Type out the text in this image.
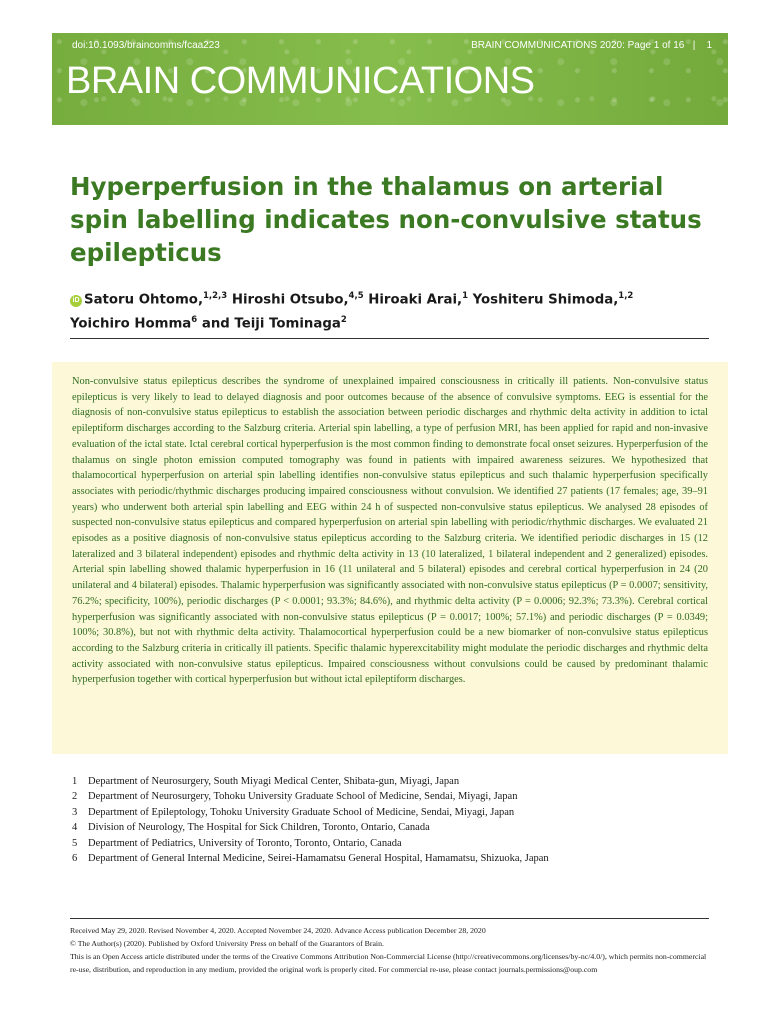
doi:10.1093/braincomms/fcaa223	BRAIN COMMUNICATIONS 2020: Page 1 of 16 | 1
BRAIN COMMUNICATIONS
Hyperperfusion in the thalamus on arterial spin labelling indicates non-convulsive status epilepticus
iD Satoru Ohtomo,$^{1,2,3}$ Hiroshi Otsubo,$^{4,5}$ Hiroaki Arai,$^1$ Yoshiteru Shimoda,$^{1,2}$
Yoichiro Homma$^6$ and Teiji Tominaga$^2$

Non-convulsive status epilepticus describes the syndrome of unexplained impaired consciousness in critically ill patients. Non-convulsive status epilepticus is very likely to lead to delayed diagnosis and poor outcomes because of the absence of convulsive symptoms. EEG is essential for the diagnosis of non-convulsive status epilepticus to establish the association between periodic discharges and rhythmic delta activity in addition to ictal epileptiform discharges according to the Salzburg criteria. Arterial spin labelling, a type of perfusion MRI, has been applied for rapid and non-invasive evaluation of the ictal state. Ictal cerebral cortical hyperperfusion is the most common finding to demonstrate focal onset seizures. Hyperperfusion of the thalamus on single photon emission computed tomography was found in patients with impaired awareness seizures. We hypothesized that thalamocortical hyperperfusion on arterial spin labelling identifies non-convulsive status epilepticus and such thalamic hyperperfusion specifically associates with periodic/rhythmic discharges producing impaired consciousness without convulsion. We identified 27 patients (17 females; age, 39–91 years) who underwent both arterial spin labelling and EEG within 24 h of suspected non-convulsive status epilepticus. We analysed 28 episodes of suspected non-convulsive status epilepticus and compared hyperperfusion on arterial spin labelling with periodic/rhythmic discharges. We evaluated 21 episodes as a positive diagnosis of non-convulsive status epilepticus according to the Salzburg criteria. We identified periodic discharges in 15 (12 lateralized and 3 bilateral independent) episodes and rhythmic delta activity in 13 (10 lateralized, 1 bilateral independent and 2 generalized) episodes. Arterial spin labelling showed thalamic hyperperfusion in 16 (11 unilateral and 5 bilateral) episodes and cerebral cortical hyperperfusion in 24 (20 unilateral and 4 bilateral) episodes. Thalamic hyperperfusion was significantly associated with non-convulsive status epilepticus (P = 0.0007; sensitivity, 76.2%; specificity, 100%), periodic discharges (P < 0.0001; 93.3%; 84.6%), and rhythmic delta activity (P = 0.0006; 92.3%; 73.3%). Cerebral cortical hyperperfusion was significantly associated with non-convulsive status epilepticus (P = 0.0017; 100%; 57.1%) and periodic discharges (P = 0.0349; 100%; 30.8%), but not with rhythmic delta activity. Thalamocortical hyperperfusion could be a new biomarker of non-convulsive status epilepticus according to the Salzburg criteria in critically ill patients. Specific thalamic hyperexcitability might modulate the periodic discharges and rhythmic delta activity associated with non-convulsive status epilepticus. Impaired consciousness without convulsions could be caused by predominant thalamic hyperperfusion together with cortical hyperperfusion but without ictal epileptiform discharges.

1 Department of Neurosurgery, South Miyagi Medical Center, Shibata-gun, Miyagi, Japan
2 Department of Neurosurgery, Tohoku University Graduate School of Medicine, Sendai, Miyagi, Japan
3 Department of Epileptology, Tohoku University Graduate School of Medicine, Sendai, Miyagi, Japan
4 Division of Neurology, The Hospital for Sick Children, Toronto, Ontario, Canada
5 Department of Pediatrics, University of Toronto, Toronto, Ontario, Canada
6 Department of General Internal Medicine, Seirei-Hamamatsu General Hospital, Hamamatsu, Shizuoka, Japan
Received May 29, 2020. Revised November 4, 2020. Accepted November 24, 2020. Advance Access publication December 28, 2020
© The Author(s) (2020). Published by Oxford University Press on behalf of the Guarantors of Brain.
This is an Open Access article distributed under the terms of the Creative Commons Attribution Non-Commercial License (http://creativecommons.org/licenses/by-nc/4.0/), which permits non-commercial re-use, distribution, and reproduction in any medium, provided the original work is properly cited. For commercial re-use, please contact journals.permissions@oup.com
